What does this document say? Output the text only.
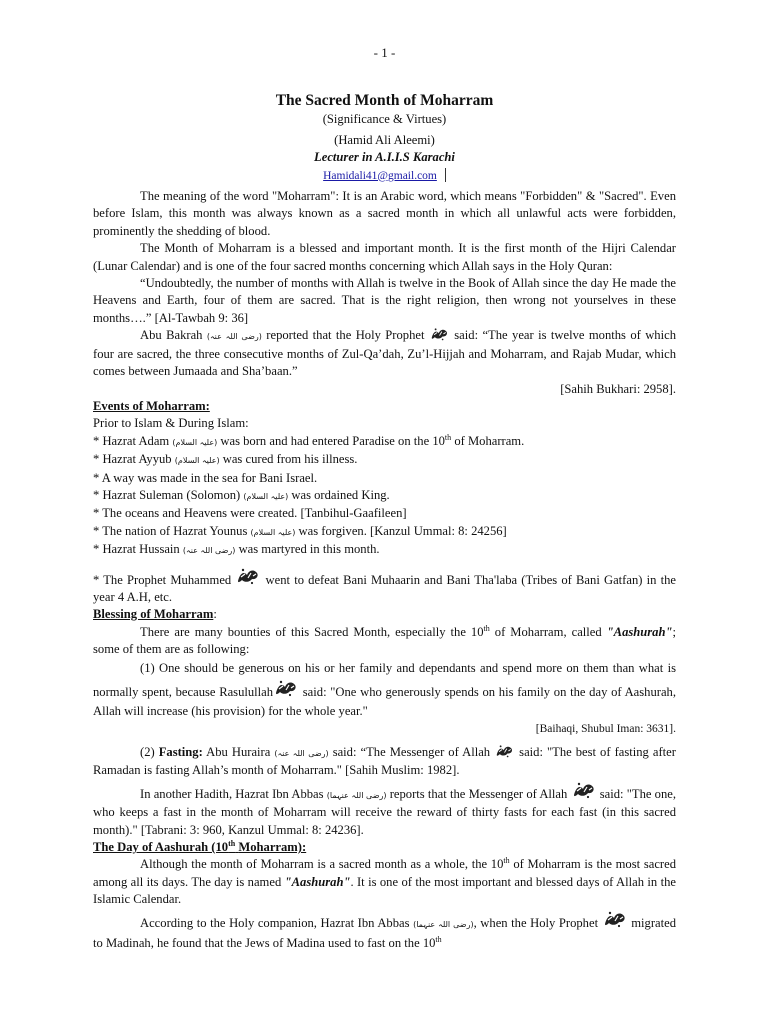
- 1 -
The Sacred Month of Moharram
(Significance & Virtues)
(Hamid Ali Aleemi)
Lecturer in A.I.I.S Karachi
Hamidali41@gmail.com

The meaning of the word "Moharram": It is an Arabic word, which means "Forbidden" & "Sacred". Even before Islam, this month was always known as a sacred month in which all unlawful acts were forbidden, prominently the shedding of blood.

The Month of Moharram is a blessed and important month. It is the first month of the Hijri Calendar (Lunar Calendar) and is one of the four sacred months concerning which Allah says in the Holy Quran:

“Undoubtedly, the number of months with Allah is twelve in the Book of Allah since the day He made the Heavens and Earth, four of them are sacred. That is the right religion, then wrong not yourselves in these months….” [Al-Tawbah 9: 36]

Abu Bakrah (رضی اللہ عنہ) reported that the Holy Prophet said: “The year is twelve months of which four are sacred, the three consecutive months of Zul-Qa’dah, Zu’l-Hijjah and Moharram, and Rajab Mudar, which comes between Jumaada and Sha’baan.”

[Sahih Bukhari: 2958].

Events of Moharram:
Prior to Islam & During Islam:
* Hazrat Adam (علیہ السلام) was born and had entered Paradise on the 10th of Moharram.
* Hazrat Ayyub (علیہ السلام) was cured from his illness.
* A way was made in the sea for Bani Israel.
* Hazrat Suleman (Solomon) (علیہ السلام) was ordained King.
* The oceans and Heavens were created. [Tanbihul-Gaafileen]
* The nation of Hazrat Younus (علیہ السلام) was forgiven. [Kanzul Ummal: 8: 24256]
* Hazrat Hussain (رضی اللہ عنہ) was martyred in this month.

* The Prophet Muhammed	went to defeat Bani Muhaarin and Bani Tha'laba (Tribes of Bani Gatfan) in the year 4 A.H, etc.

Blessing of Moharram:

There are many bounties of this Sacred Month, especially the 10th of Moharram, called "Aashurah"; some of them are as following:

(1) One should be generous on his or her family and dependants and spend more on them than what is normally spent, because Rasulullah said: "One who generously spends on his family on the day of Aashurah, Allah will increase (his provision) for the whole year."

[Baihaqi, Shubul Iman: 3631].

(2) Fasting: Abu Huraira (رضی اللہ عنہ) said: “The Messenger of Allah said: "The best of fasting after Ramadan is fasting Allah’s month of Moharram." [Sahih Muslim: 1982].

In another Hadith, Hazrat Ibn Abbas (رضی اللہ عنہما) reports that the Messenger of Allah	said: "The one, who keeps a fast in the month of Moharram will receive the reward of thirty fasts for each fast (in this sacred month)." [Tabrani: 3: 960, Kanzul Ummal: 8: 24236].

The Day of Aashurah (10th Moharram):

Although the month of Moharram is a sacred month as a whole, the 10th of Moharram is the most sacred among all its days. The day is named "Aashurah". It is one of the most important and blessed days of Allah in the Islamic Calendar.

According to the Holy companion, Hazrat Ibn Abbas (رضی اللہ عنہما), when the Holy Prophet	migrated to Madinah, he found that the Jews of Madina used to fast on the 10th
